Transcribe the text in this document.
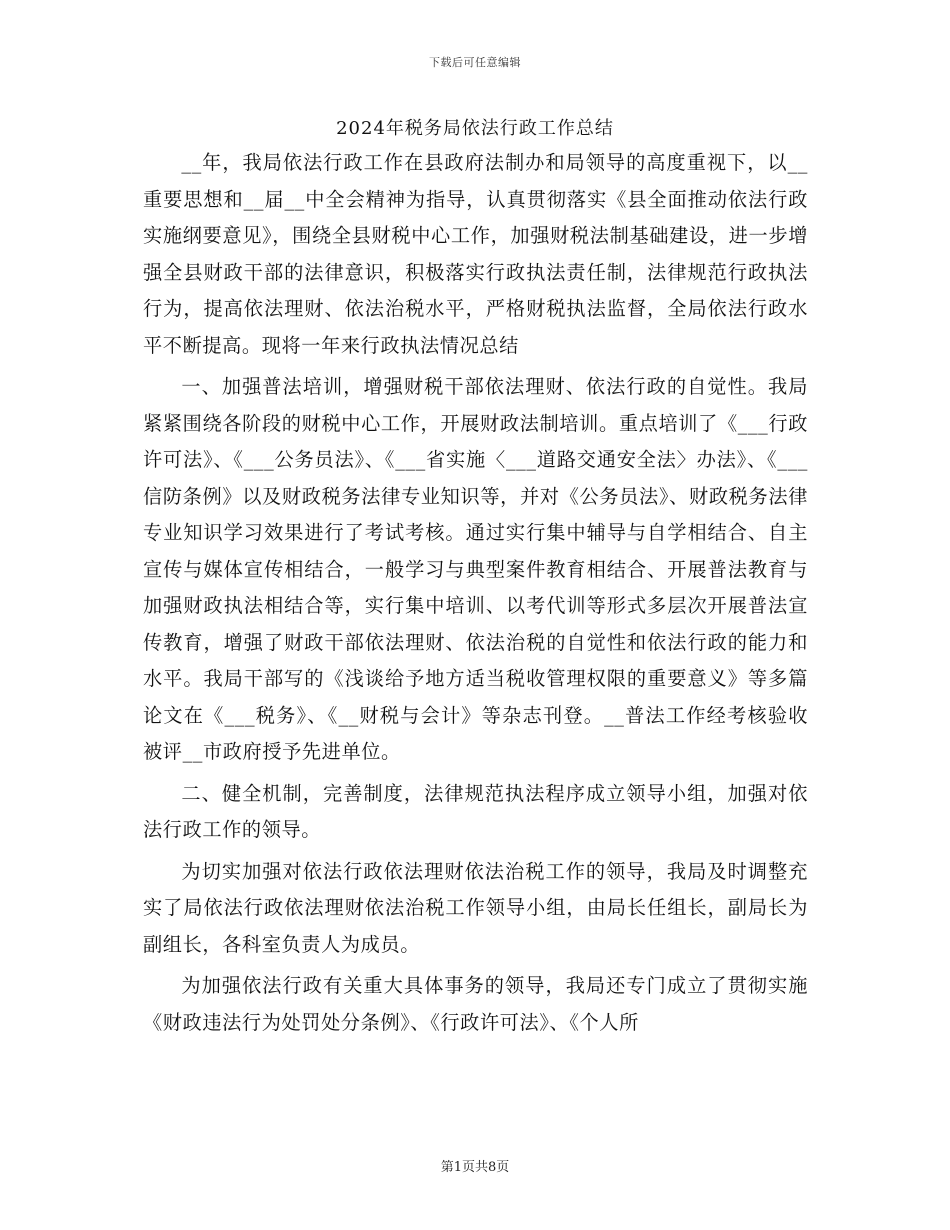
下载后可任意编辑
2024年税务局依法行政工作总结

__年，我局依法行政工作在县政府法制办和局领导的高度重视下，以__重要思想和__届__中全会精神为指导，认真贯彻落实《县全面推动依法行政实施纲要意见》，围绕全县财税中心工作，加强财税法制基础建设，进一步增强全县财政干部的法律意识，积极落实行政执法责任制，法律规范行政执法行为，提高依法理财、依法治税水平，严格财税执法监督，全局依法行政水平不断提高。现将一年来行政执法情况总结

一、加强普法培训，增强财税干部依法理财、依法行政的自觉性。我局紧紧围绕各阶段的财税中心工作，开展财政法制培训。重点培训了《___行政许可法》、《___公务员法》、《___省实施〈___道路交通安全法〉办法》、《___信防条例》以及财政税务法律专业知识等，并对《公务员法》、财政税务法律专业知识学习效果进行了考试考核。通过实行集中辅导与自学相结合、自主宣传与媒体宣传相结合，一般学习与典型案件教育相结合、开展普法教育与加强财政执法相结合等，实行集中培训、以考代训等形式多层次开展普法宣传教育，增强了财政干部依法理财、依法治税的自觉性和依法行政的能力和水平。我局干部写的《浅谈给予地方适当税收管理权限的重要意义》等多篇论文在《___税务》、《__财税与会计》等杂志刊登。__普法工作经考核验收被评__市政府授予先进单位。

二、健全机制，完善制度，法律规范执法程序成立领导小组，加强对依法行政工作的领导。

为切实加强对依法行政依法理财依法治税工作的领导，我局及时调整充实了局依法行政依法理财依法治税工作领导小组，由局长任组长，副局长为副组长，各科室负责人为成员。

为加强依法行政有关重大具体事务的领导，我局还专门成立了贯彻实施《财政违法行为处罚处分条例》、《行政许可法》、《个人所

第1页共8页
